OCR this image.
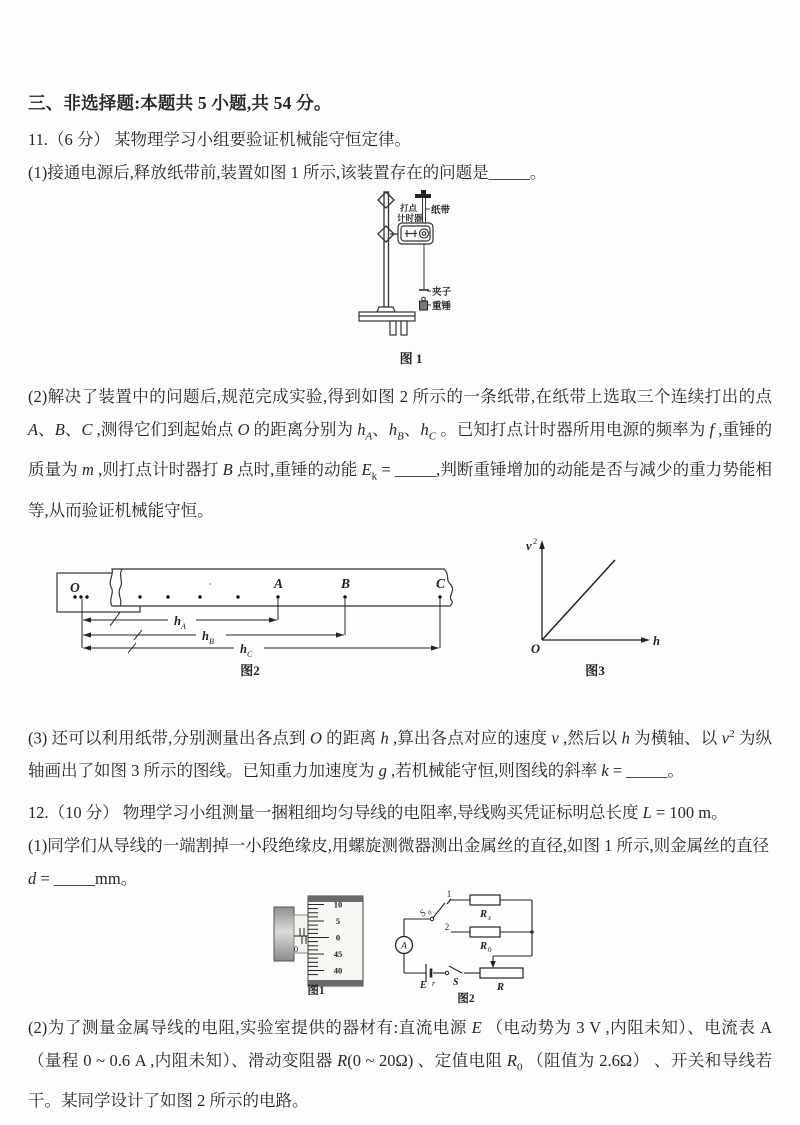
三、非选择题:本题共 5 小题,共 54 分。

11.（6 分） 某物理学习小组要验证机械能守恒定律。

(1)接通电源后,释放纸带前,装置如图 1 所示,该装置存在的问题是_____。

打点
计时器
纸带
夹子
重锤
图 1

(2)解决了装置中的问题后,规范完成实验,得到如图 2 所示的一条纸带,在纸带上选取三个连续打出的点 A、B、C ,测得它们到起始点 O 的距离分别为 $h_A$、$h_B$、$h_C$ 。已知打点计时器所用电源的频率为 f ,重锤的质量为 m ,则打点计时器打 B 点时,重锤的动能 $E_k$ = _____,判断重锤增加的动能是否与减少的重力势能相等,从而验证机械能守恒。

O	A	B	C
h A
h B
h C
图2
v 2
h
O
图3

(3) 还可以利用纸带,分别测量出各点到 O 的距离 h ,算出各点对应的速度 v ,然后以 h 为横轴、以 $v^2$ 为纵轴画出了如图 3 所示的图线。已知重力加速度为 g ,若机械能守恒,则图线的斜率 k = _____。

12.（10 分） 物理学习小组测量一捆粗细均匀导线的电阻率,导线购买凭证标明总长度 L = 100 m。

(1)同学们从导线的一端割掉一小段绝缘皮,用螺旋测微器测出金属丝的直径,如图 1 所示,则金属丝的直径
d = _____mm。

0
10
5
0
45
40
图1
A
1
2
S
0	R x
R 0
E r S	R
图2

(2)为了测量金属导线的电阻,实验室提供的器材有:直流电源 E （电动势为 3 V ,内阻未知）、电流表 A （量程 0 ~ 0.6 A ,内阻未知）、滑动变阻器 R(0 ~ 20Ω) 、定值电阻 $R_0$ （阻值为 2.6Ω） 、开关和导线若干。某同学设计了如图 2 所示的电路。
